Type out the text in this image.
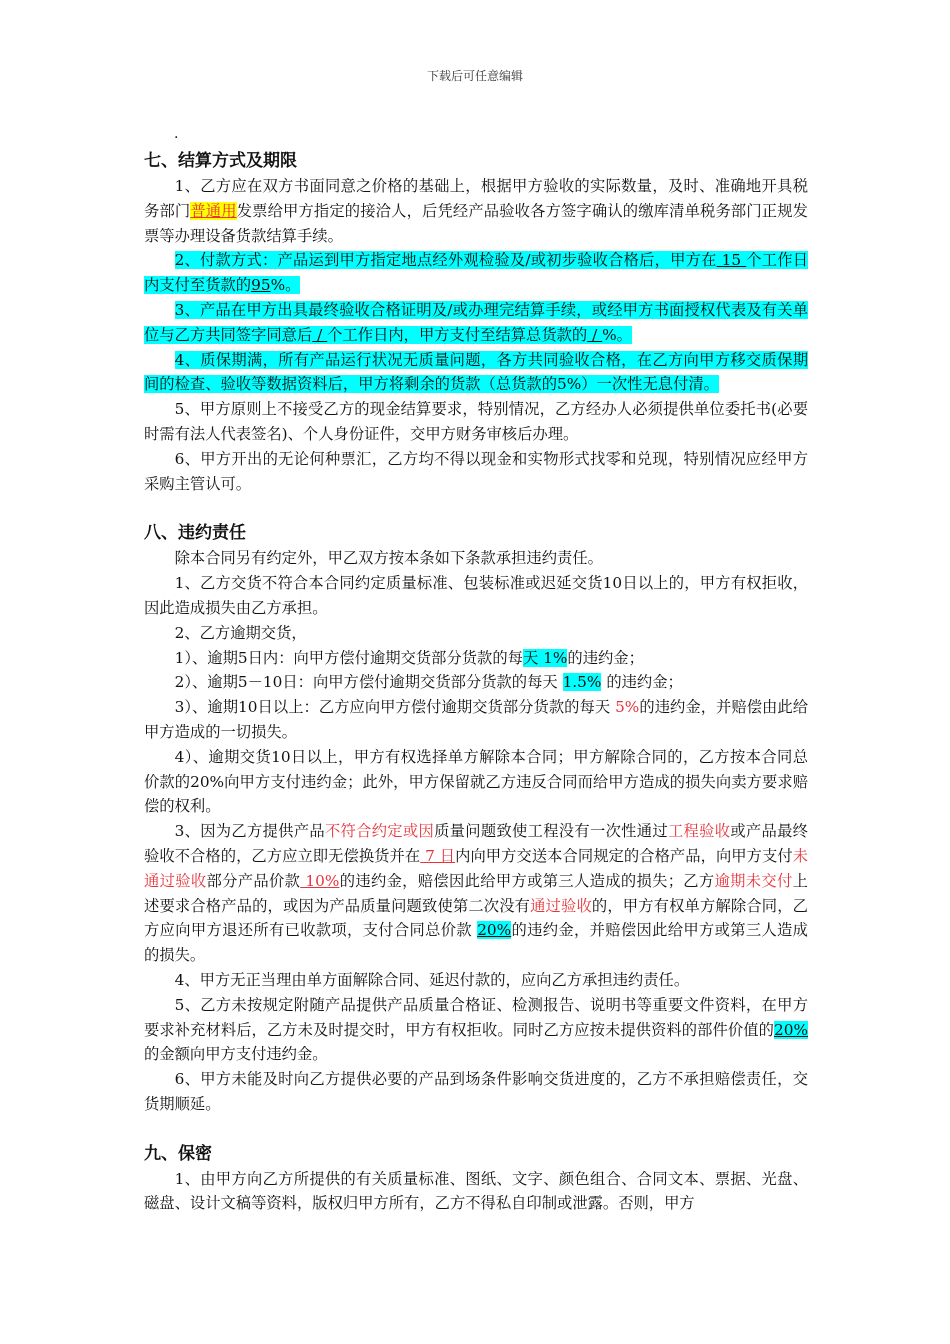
下载后可任意编辑
.
七、结算方式及期限

1、乙方应在双方书面同意之价格的基础上，根据甲方验收的实际数量，及时、准确地开具税务部门普通用发票给甲方指定的接洽人，后凭经产品验收各方签字确认的缴库清单税务部门正规发票等办理设备货款结算手续。

2、付款方式：产品运到甲方指定地点经外观检验及/或初步验收合格后，甲方在 15 个工作日内支付至货款的95%。

3、产品在甲方出具最终验收合格证明及/或办理完结算手续，或经甲方书面授权代表及有关单位与乙方共同签字同意后 / 个工作日内，甲方支付至结算总货款的 / %。

4、质保期满，所有产品运行状况无质量问题，各方共同验收合格，在乙方向甲方移交质保期间的检查、验收等数据资料后，甲方将剩余的货款（总货款的5%）一次性无息付清。

5、甲方原则上不接受乙方的现金结算要求，特别情况，乙方经办人必须提供单位委托书(必要时需有法人代表签名)、个人身份证件，交甲方财务审核后办理。

6、甲方开出的无论何种票汇，乙方均不得以现金和实物形式找零和兑现，特别情况应经甲方采购主管认可。

八、违约责任

除本合同另有约定外，甲乙双方按本条如下条款承担违约责任。

1、乙方交货不符合本合同约定质量标准、包装标准或迟延交货10日以上的，甲方有权拒收，因此造成损失由乙方承担。

2、乙方逾期交货，

1）、逾期5日内：向甲方偿付逾期交货部分货款的每天 1%的违约金；

2）、逾期5－10日：向甲方偿付逾期交货部分货款的每天 1.5% 的违约金；

3）、逾期10日以上：乙方应向甲方偿付逾期交货部分货款的每天 5%的违约金，并赔偿由此给甲方造成的一切损失。

4）、逾期交货10日以上，甲方有权选择单方解除本合同；甲方解除合同的，乙方按本合同总价款的20%向甲方支付违约金；此外，甲方保留就乙方违反合同而给甲方造成的损失向卖方要求赔偿的权利。

3、因为乙方提供产品不符合约定或因质量问题致使工程没有一次性通过工程验收或产品最终验收不合格的，乙方应立即无偿换货并在 7 日内向甲方交送本合同规定的合格产品，向甲方支付未通过验收部分产品价款 10%的违约金，赔偿因此给甲方或第三人造成的损失；乙方逾期未交付上述要求合格产品的，或因为产品质量问题致使第二次没有通过验收的，甲方有权单方解除合同，乙方应向甲方退还所有已收款项，支付合同总价款 20%的违约金，并赔偿因此给甲方或第三人造成的损失。

4、甲方无正当理由单方面解除合同、延迟付款的，应向乙方承担违约责任。

5、乙方未按规定附随产品提供产品质量合格证、检测报告、说明书等重要文件资料，在甲方要求补充材料后，乙方未及时提交时，甲方有权拒收。同时乙方应按未提供资料的部件价值的20%的金额向甲方支付违约金。

6、甲方未能及时向乙方提供必要的产品到场条件影响交货进度的，乙方不承担赔偿责任，交货期顺延。

九、保密

1、由甲方向乙方所提供的有关质量标准、图纸、文字、颜色组合、合同文本、票据、光盘、磁盘、设计文稿等资料，版权归甲方所有，乙方不得私自印制或泄露。否则，甲方
